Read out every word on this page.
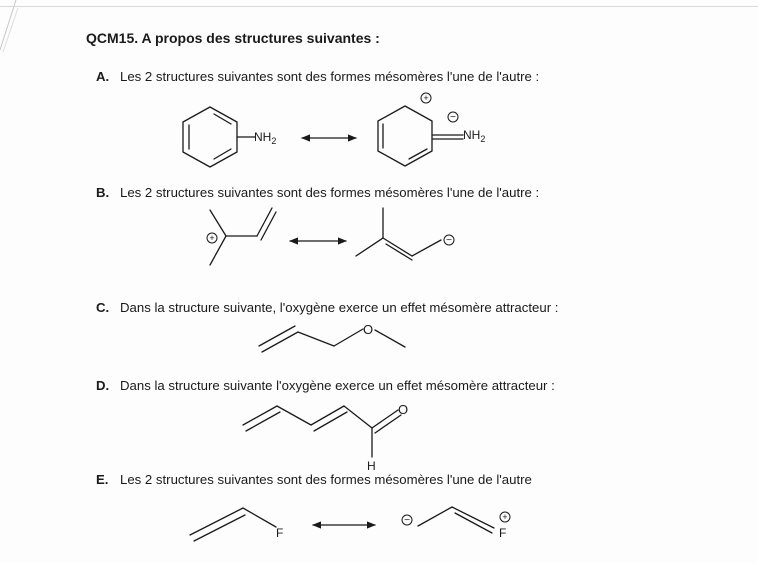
QCM15. A propos des structures suivantes :
A. Les 2 structures suivantes sont des formes mésomères l'une de l'autre :
B. Les 2 structures suivantes sont des formes mésomères l'une de l'autre :
C. Dans la structure suivante, l'oxygène exerce un effet mésomère attracteur :
D. Dans la structure suivante l'oxygène exerce un effet mésomère attracteur :
E. Les 2 structures suivantes sont des formes mésomères l'une de l'autre
$NH_2$	$NH_2$
O
O
H
F	F
+
−
+	−
−	+
